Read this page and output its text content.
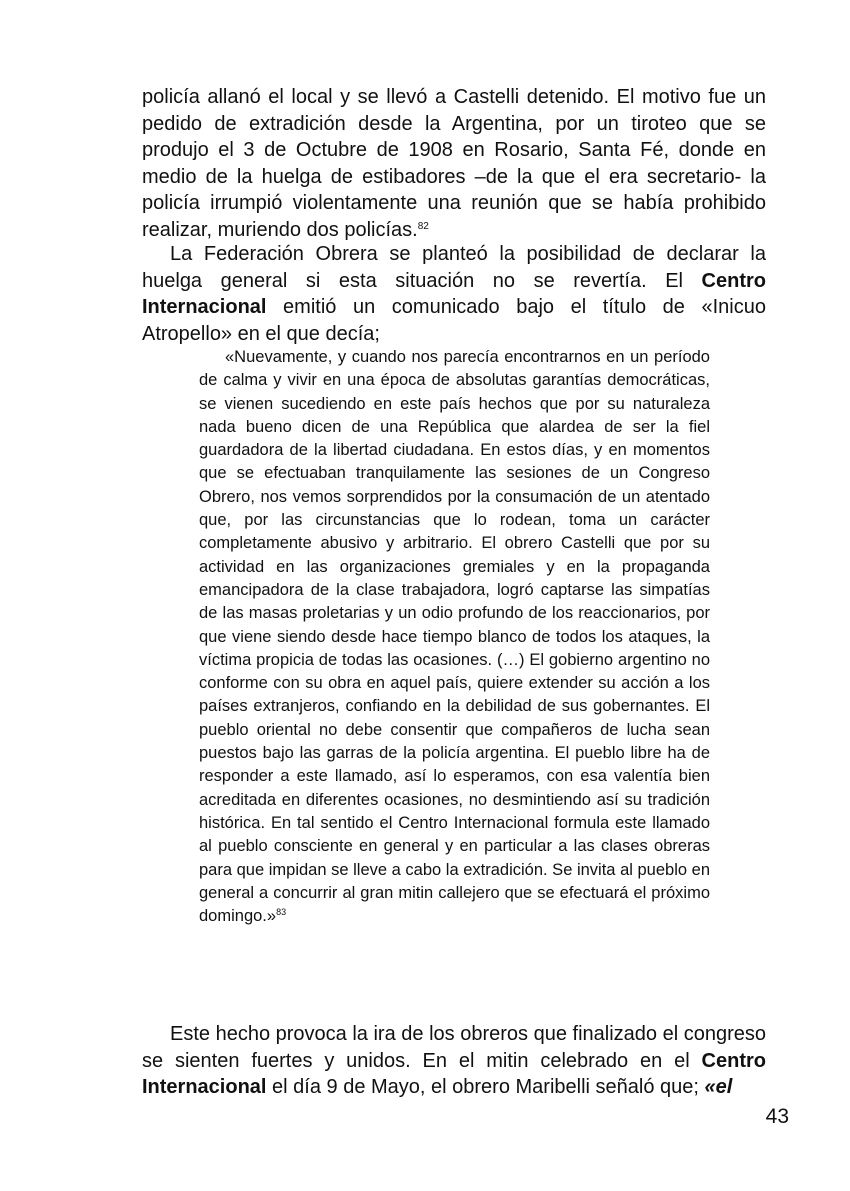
policía allanó el local y se llevó a Castelli detenido. El motivo fue un pedido de extradición desde la Argentina, por un tiroteo que se produjo el 3 de Octubre de 1908 en Rosario, Santa Fé, donde en medio de la huelga de estibadores –de la que el era secretario- la policía irrumpió violentamente una reunión que se había prohibido realizar, muriendo dos policías.$^{82}$

La Federación Obrera se planteó la posibilidad de declarar la huelga general si esta situación no se revertía. El Centro Internacional emitió un comunicado bajo el título de «Inicuo Atropello» en el que decía;

«Nuevamente, y cuando nos parecía encontrarnos en un período de calma y vivir en una época de absolutas garantías democráticas, se vienen sucediendo en este país hechos que por su naturaleza nada bueno dicen de una República que alardea de ser la fiel guardadora de la libertad ciudadana. En estos días, y en momentos que se efectuaban tranquilamente las sesiones de un Congreso Obrero, nos vemos sorprendidos por la consumación de un atentado que, por las circunstancias que lo rodean, toma un carácter completamente abusivo y arbitrario. El obrero Castelli que por su actividad en las organizaciones gremiales y en la propaganda emancipadora de la clase trabajadora, logró captarse las simpatías de las masas proletarias y un odio profundo de los reaccionarios, por que viene siendo desde hace tiempo blanco de todos los ataques, la víctima propicia de todas las ocasiones. (…) El gobierno argentino no conforme con su obra en aquel país, quiere extender su acción a los países extranjeros, confiando en la debilidad de sus gobernantes. El pueblo oriental no debe consentir que compañeros de lucha sean puestos bajo las garras de la policía argentina. El pueblo libre ha de responder a este llamado, así lo esperamos, con esa valentía bien acreditada en diferentes ocasiones, no desmintiendo así su tradición histórica. En tal sentido el Centro Internacional formula este llamado al pueblo consciente en general y en particular a las clases obreras para que impidan se lleve a cabo la extradición. Se invita al pueblo en general a concurrir al gran mitin callejero que se efectuará el próximo domingo.»$^{83}$

Este hecho provoca la ira de los obreros que finalizado el congreso se sienten fuertes y unidos. En el mitin celebrado en el Centro Internacional el día 9 de Mayo, el obrero Maribelli señaló que; «el

43
